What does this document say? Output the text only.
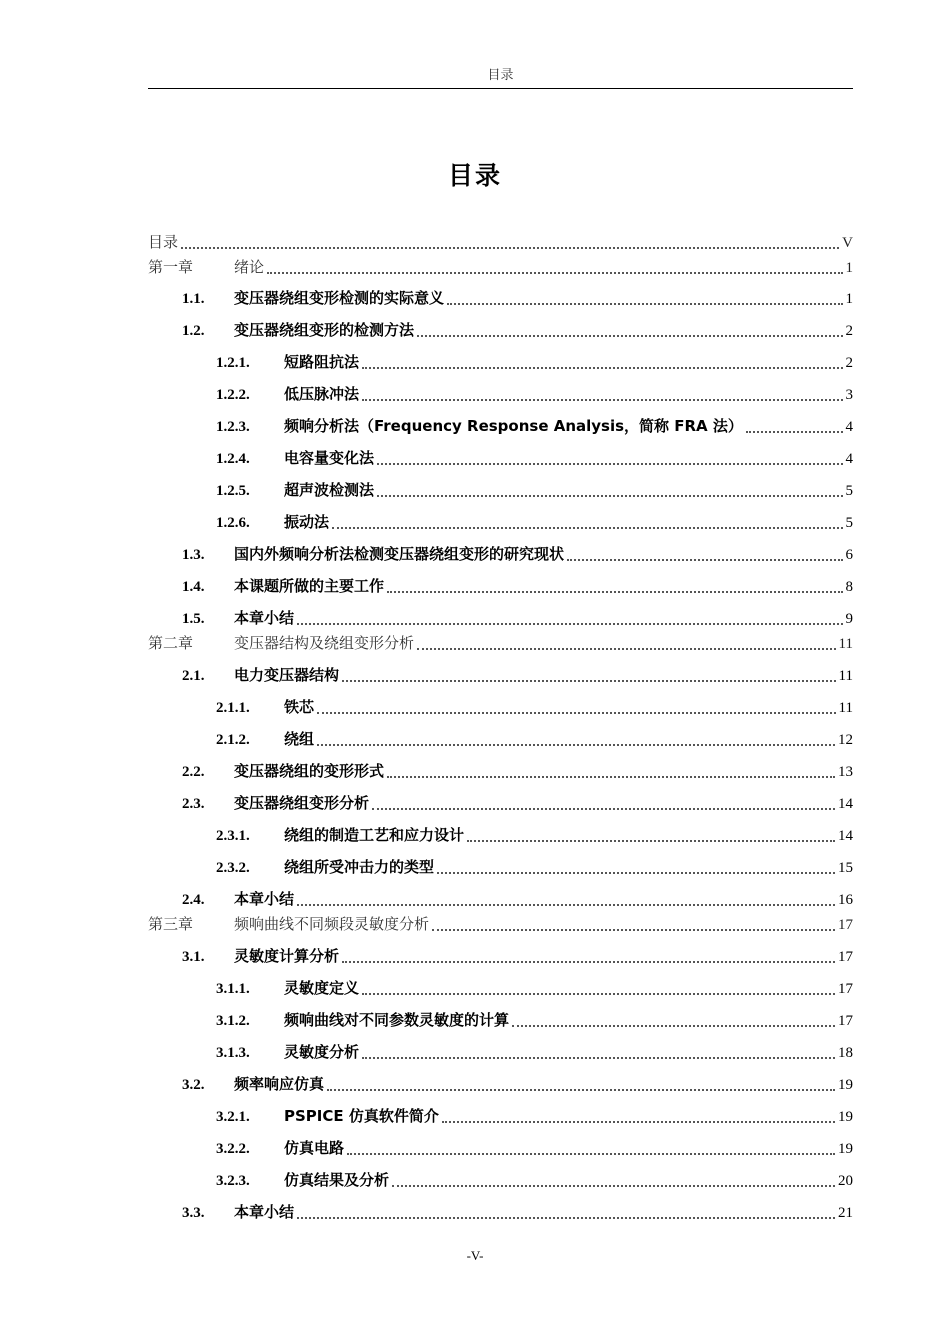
目录
目录
目录	V
第一章	绪论	1
1.1.	变压器绕组变形检测的实际意义	1
1.2.	变压器绕组变形的检测方法	2
1.2.1.	短路阻抗法	2
1.2.2.	低压脉冲法	3
1.2.3.	频响分析法（Frequency Response Analysis，简称 FRA 法）	4
1.2.4.	电容量变化法	4
1.2.5.	超声波检测法	5
1.2.6.	振动法	5
1.3.	国内外频响分析法检测变压器绕组变形的研究现状	6
1.4.	本课题所做的主要工作	8
1.5.	本章小结	9
第二章	变压器结构及绕组变形分析	11
2.1.	电力变压器结构	11
2.1.1.	铁芯	11
2.1.2.	绕组	12
2.2.	变压器绕组的变形形式	13
2.3.	变压器绕组变形分析	14
2.3.1.	绕组的制造工艺和应力设计	14
2.3.2.	绕组所受冲击力的类型	15
2.4.	本章小结	16
第三章	频响曲线不同频段灵敏度分析	17
3.1.	灵敏度计算分析	17
3.1.1.	灵敏度定义	17
3.1.2.	频响曲线对不同参数灵敏度的计算	17
3.1.3.	灵敏度分析	18
3.2.	频率响应仿真	19
3.2.1.	PSPICE 仿真软件简介	19
3.2.2.	仿真电路	19
3.2.3.	仿真结果及分析	20
3.3.	本章小结	21
-V-
